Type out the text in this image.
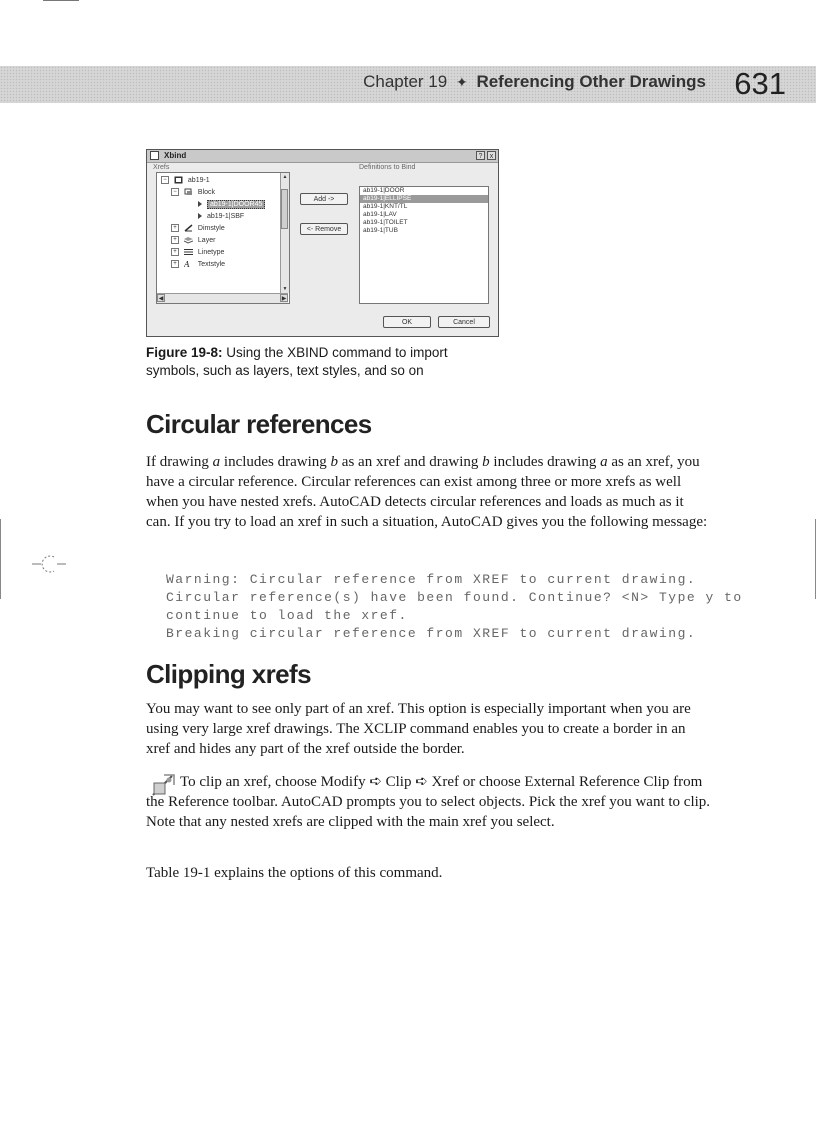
Chapter 19 ✦ Referencing Other Drawings 631
Xbind	?	x
Xrefs	Definitions to Bind
−	ab19-1
−	Block
ab19-1|DOOR45
ab19-1|SBF
+	Dimstyle
+	Layer
+	Linetype
+ A Textstyle
▲
▼
◀	▶
Add ->
<- Remove
ab19-1|DOOR
ab19-1|ELLIPSE
ab19-1|KNT/TL
ab19-1|LAV
ab19-1|TOILET
ab19-1|TUB
OK	Cancel
Figure 19-8: Using the XBIND command to import
symbols, such as layers, text styles, and so on
Circular references

If drawing a includes drawing b as an xref and drawing b includes drawing a as an xref, you have a circular reference. Circular references can exist among three or more xrefs as well when you have nested xrefs. AutoCAD detects circular references and loads as much as it can. If you try to load an xref in such a situation, AutoCAD gives you the following message:

Warning: Circular reference from XREF to current drawing.
Circular reference(s) have been found. Continue? <N> Type y to
continue to load the xref.
Breaking circular reference from XREF to current drawing.
Clipping xrefs

You may want to see only part of an xref. This option is especially important when you are using very large xref drawings. The XCLIP command enables you to create a border in an xref and hides any part of the xref outside the border.

To clip an xref, choose Modify ➪ Clip ➪ Xref or choose External Reference Clip from the Reference toolbar. AutoCAD prompts you to select objects. Pick the xref you want to clip. Note that any nested xrefs are clipped with the main xref you select.

Table 19-1 explains the options of this command.
